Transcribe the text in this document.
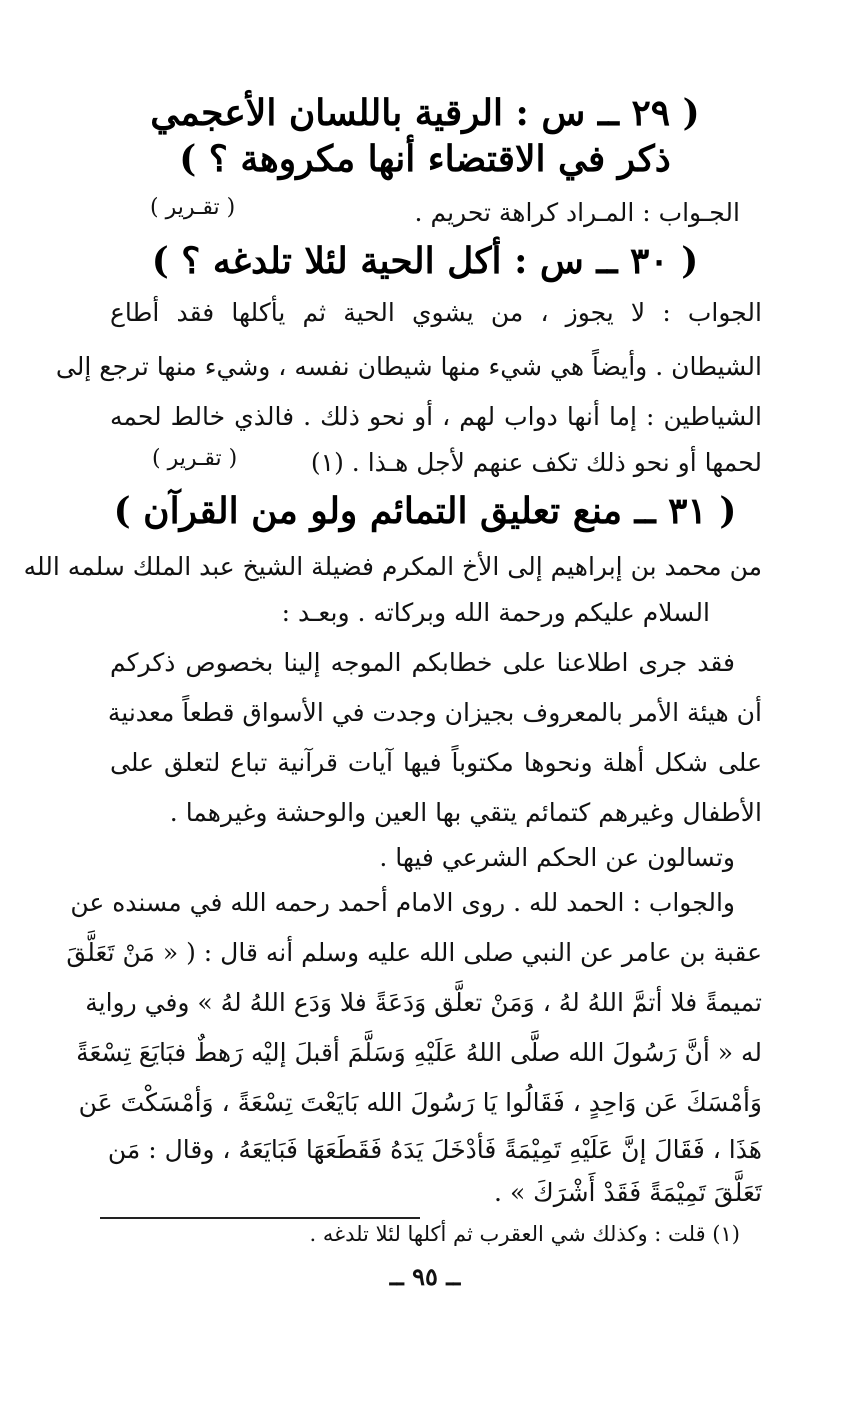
( ٢٩ ــ س : الرقية باللسان الأعجمي
ذكر في الاقتضاء أنها مكروهة ؟ )
الجـواب : المـراد كراهة تحريم .
( تقـرير )
( ٣٠ ــ س : أكل الحية لئلا تلدغه ؟ )
الجواب : لا يجوز ، من يشوي الحية ثم يأكلها فقد أطاع
الشيطان . وأيضاً هي شيء منها شيطان نفسه ، وشيء منها ترجع إلى
الشياطين : إما أنها دواب لهم ، أو نحو ذلك . فالذي خالط لحمه
لحمها أو نحو ذلك تكف عنهم لأجل هـذا . (١)
( تقـرير )
( ٣١ ــ منع تعليق التمائم ولو من القرآن )
من محمد بن إبراهيم إلى الأخ المكرم فضيلة الشيخ عبد الملك سلمه الله
السلام عليكم ورحمة الله وبركاته . وبعـد :
فقد جرى اطلاعنا على خطابكم الموجه إلينا بخصوص ذكركم
أن هيئة الأمر بالمعروف بجيزان وجدت في الأسواق قطعاً معدنية
على شكل أهلة ونحوها مكتوباً فيها آيات قرآنية تباع لتعلق على
الأطفال وغيرهم كتمائم يتقي بها العين والوحشة وغيرهما .
وتسالون عن الحكم الشرعي فيها .
والجواب : الحمد لله . روى الامام أحمد رحمه الله في مسنده عن
عقبة بن عامر عن النبي صلى الله عليه وسلم أنه قال : ( « مَنْ تَعَلَّقَ
تميمةً فلا أتمَّ اللهُ لهُ ، وَمَنْ تعلَّق وَدَعَةً فلا وَدَع اللهُ لهُ » وفي رواية
له « أنَّ رَسُولَ الله صلَّى اللهُ عَلَيْهِ وَسَلَّمَ أقبلَ إليْه رَهطٌ فبَايَعَ تِسْعَةً
وَأمْسَكَ عَن وَاحِدٍ ، فَقَالُوا يَا رَسُولَ الله بَايَعْتَ تِسْعَةً ، وَأمْسَكْتَ عَن
هَذَا ، فَقَالَ إنَّ عَلَيْهِ تَمِيْمَةً فَأدْخَلَ يَدَهُ فَقَطَعَهَا فَبَايَعَهُ ، وقال : مَن
تَعَلَّقَ تَمِيْمَةً فَقَدْ أَشْرَكَ » .
(١) قلت : وكذلك شي العقرب ثم أكلها لئلا تلدغه .
ــ ٩٥ ــ
